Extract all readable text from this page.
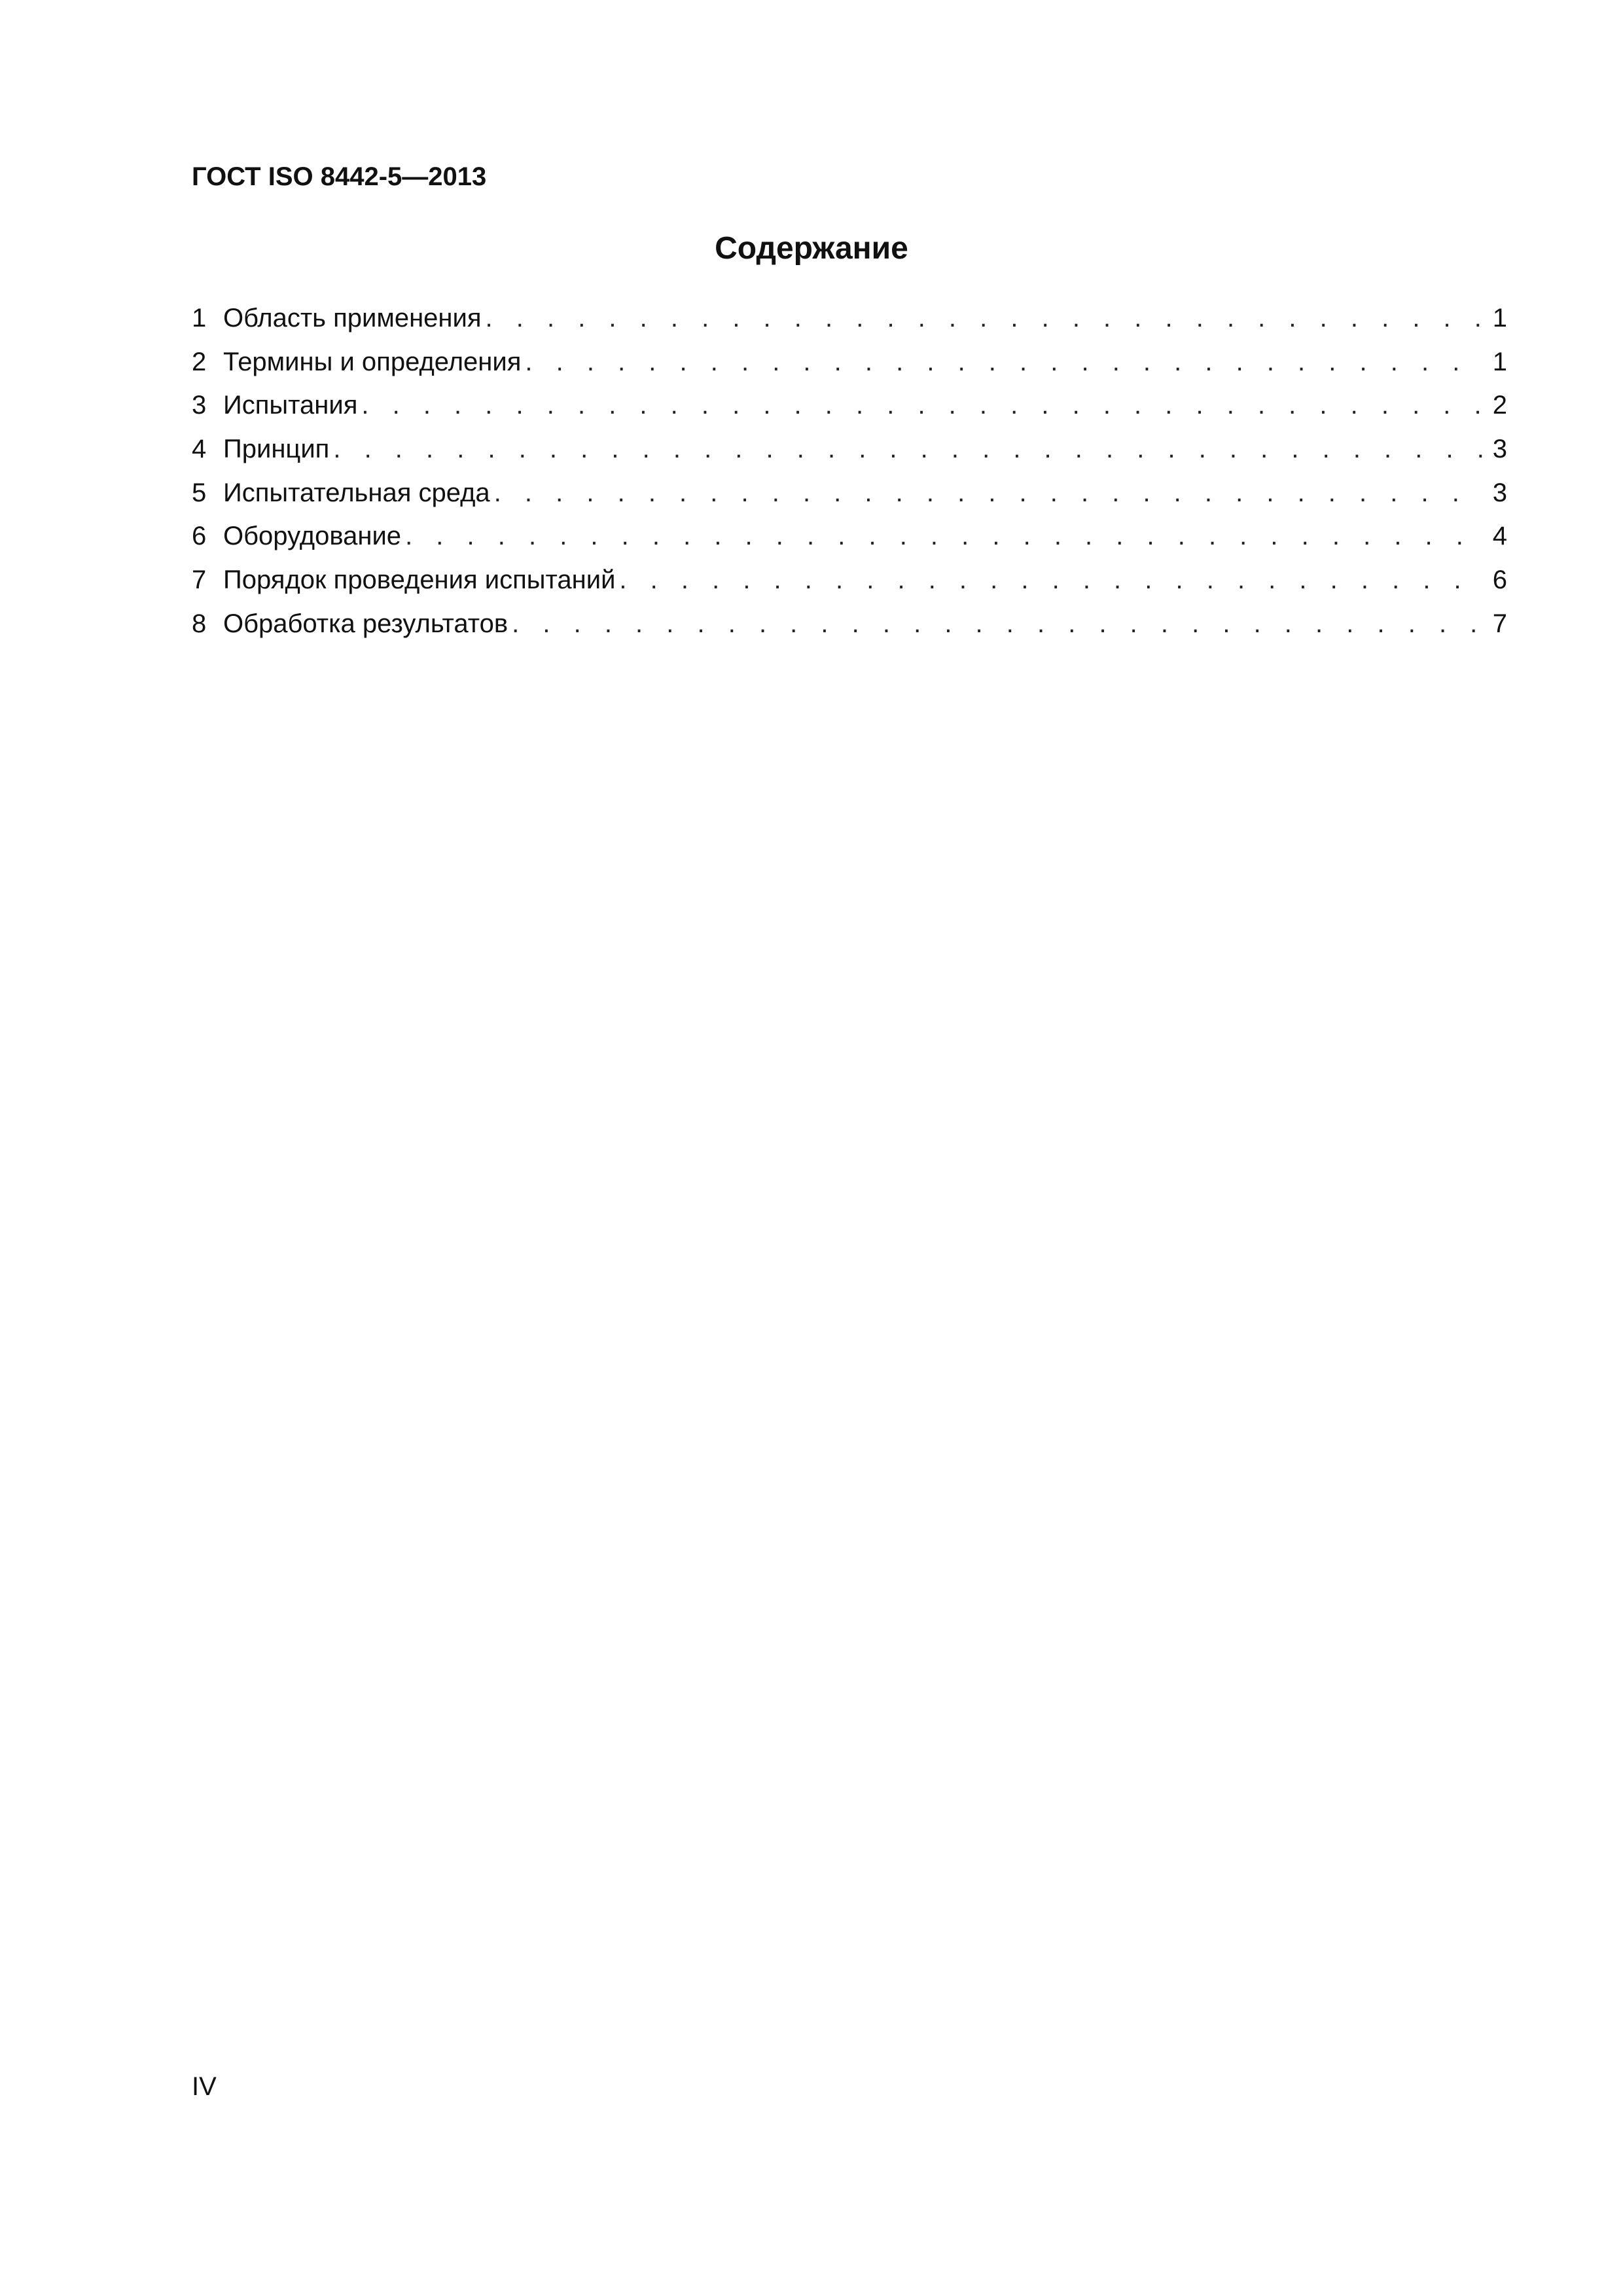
ГОСТ ISO 8442-5—2013
Содержание
1 Область применения . . .	1
2 Термины и определения . . .	1
3 Испытания . . .	2
4 Принцип . . .	3
5 Испытательная среда . . .	3
6 Оборудование . . .	4
7 Порядок проведения испытаний . . .	6
8 Обработка результатов . . .	7
IV
